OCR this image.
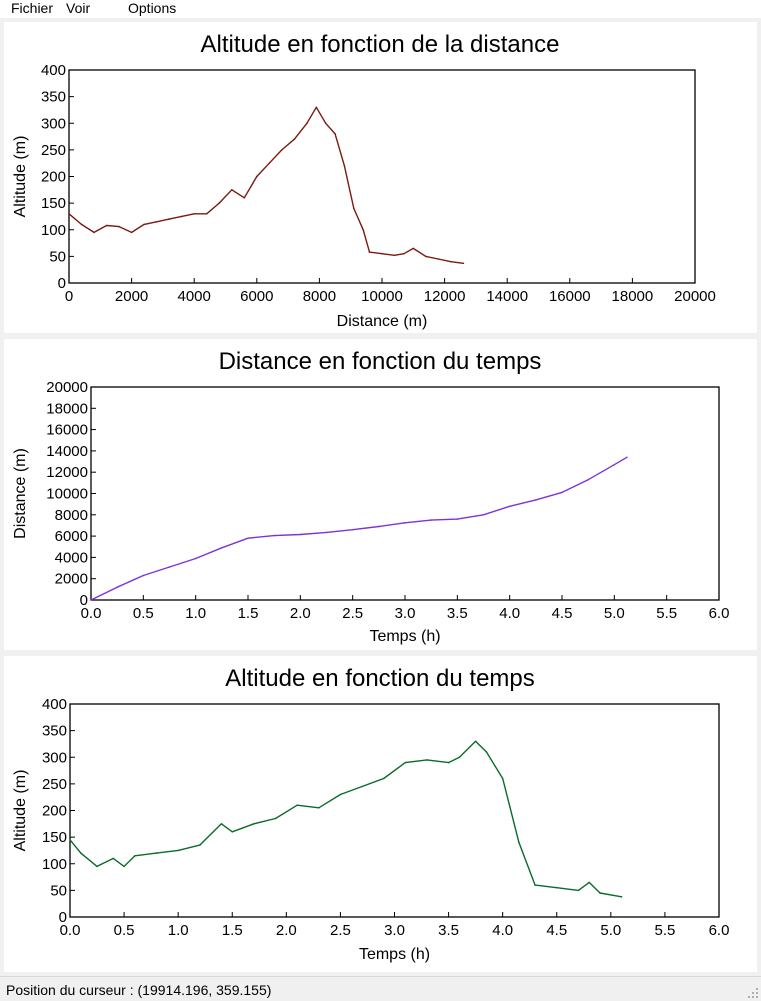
Fichier Voir	Options
Altitude en fonction de la distance
0	2000 4000 6000 8000 10000 12000 14000 16000 18000 20000
0
50
100
150
200
250
300
350
400
Distance (m)
Altitude (m)
Distance en fonction du temps
0.0 0.5 1.0 1.5 2.0 2.5 3.0 3.5 4.0 4.5 5.0 5.5 6.0
0
2000
4000
6000
8000
10000
12000
14000
16000
18000
20000
Temps (h)
Distance (m)
Altitude en fonction du temps
0.0 0.5 1.0 1.5 2.0 2.5 3.0 3.5 4.0 4.5 5.0 5.5 6.0
0
50
100
150
200
250
300
350
400
Temps (h)
Altitude (m)
Position du curseur : (19914.196, 359.155)
